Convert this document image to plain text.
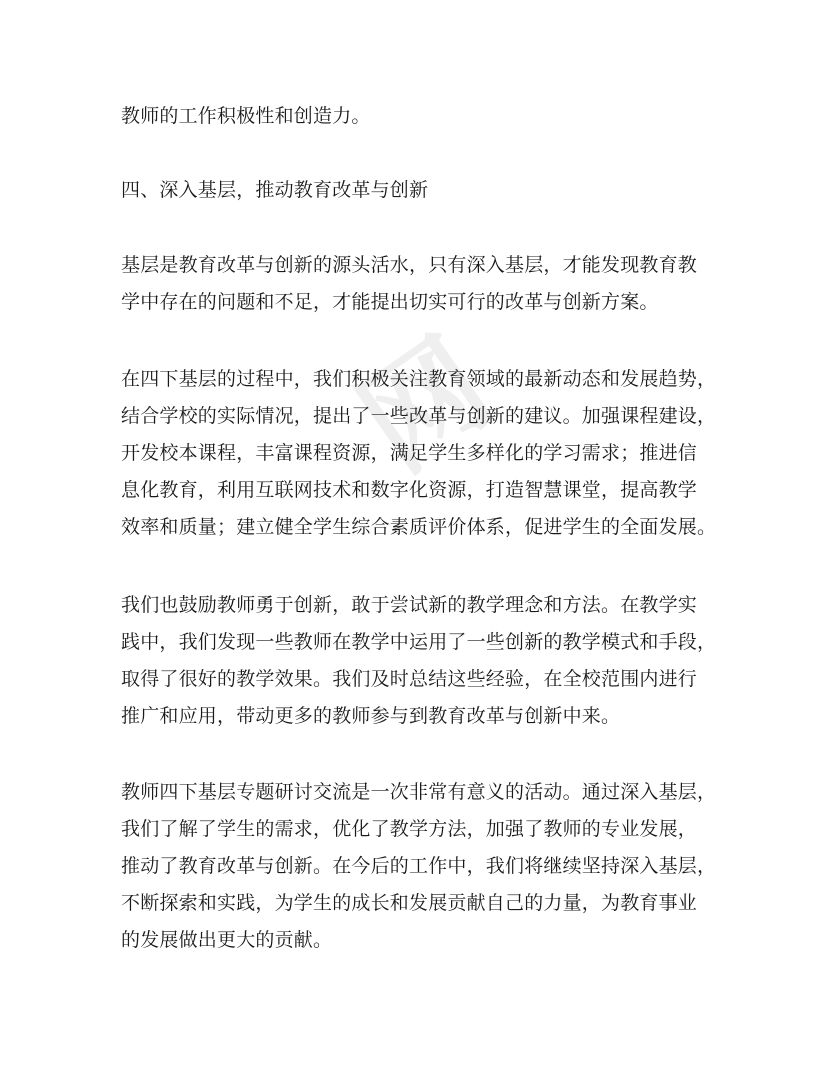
网
教师的工作积极性和创造力。
四、深入基层，推动教育改革与创新
基层是教育改革与创新的源头活水，只有深入基层，才能发现教育教
学中存在的问题和不足，才能提出切实可行的改革与创新方案。
在四下基层的过程中，我们积极关注教育领域的最新动态和发展趋势，
结合学校的实际情况，提出了一些改革与创新的建议。加强课程建设，
开发校本课程，丰富课程资源，满足学生多样化的学习需求；推进信
息化教育，利用互联网技术和数字化资源，打造智慧课堂，提高教学
效率和质量；建立健全学生综合素质评价体系，促进学生的全面发展。
我们也鼓励教师勇于创新，敢于尝试新的教学理念和方法。在教学实
践中，我们发现一些教师在教学中运用了一些创新的教学模式和手段，
取得了很好的教学效果。我们及时总结这些经验，在全校范围内进行
推广和应用，带动更多的教师参与到教育改革与创新中来。
教师四下基层专题研讨交流是一次非常有意义的活动。通过深入基层，
我们了解了学生的需求，优化了教学方法，加强了教师的专业发展，
推动了教育改革与创新。在今后的工作中，我们将继续坚持深入基层，
不断探索和实践，为学生的成长和发展贡献自己的力量，为教育事业
的发展做出更大的贡献。
